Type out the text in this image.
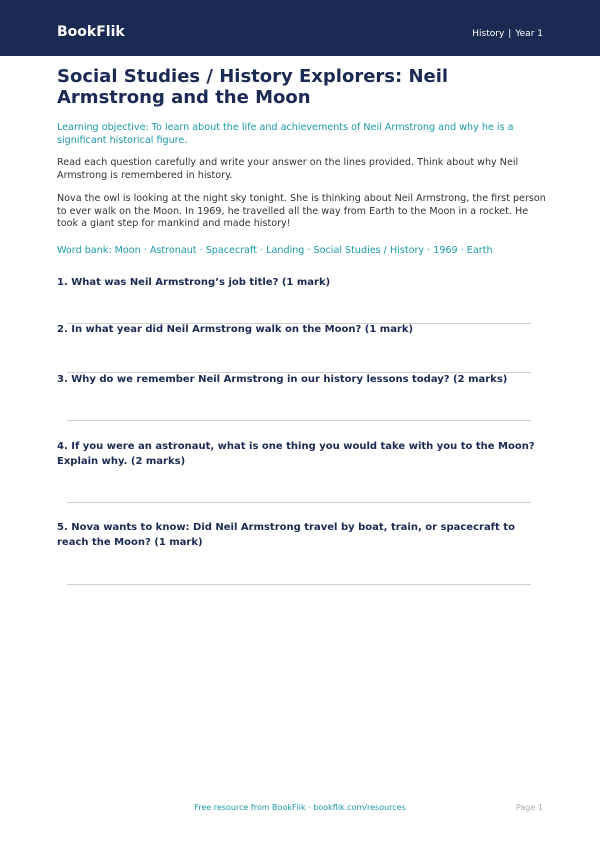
BookFlik	History | Year 1
Social Studies / History Explorers: Neil Armstrong and the Moon
Learning objective: To learn about the life and achievements of Neil Armstrong and why he is a significant historical figure.
Read each question carefully and write your answer on the lines provided. Think about why Neil Armstrong is remembered in history.
Nova the owl is looking at the night sky tonight. She is thinking about Neil Armstrong, the first person to ever walk on the Moon. In 1969, he travelled all the way from Earth to the Moon in a rocket. He took a giant step for mankind and made history!
Word bank: Moon · Astronaut · Spacecraft · Landing · Social Studies / History · 1969 · Earth
1. What was Neil Armstrong’s job title? (1 mark)
2. In what year did Neil Armstrong walk on the Moon? (1 mark)
3. Why do we remember Neil Armstrong in our history lessons today? (2 marks)
4. If you were an astronaut, what is one thing you would take with you to the Moon? Explain why. (2 marks)
5. Nova wants to know: Did Neil Armstrong travel by boat, train, or spacecraft to reach the Moon? (1 mark)
Free resource from BookFlik · bookflik.com/resources	Page 1
